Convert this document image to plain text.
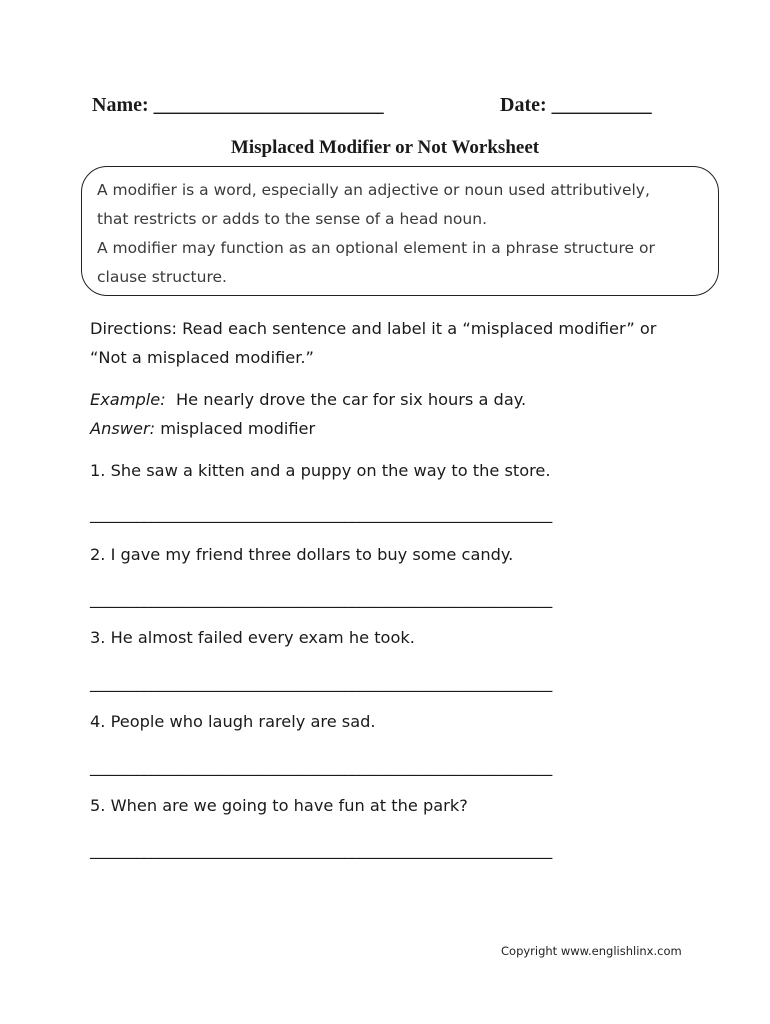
Name: _______________________	Date: __________
Misplaced Modifier or Not Worksheet
A modifier is a word, especially an adjective or noun used attributively,
that restricts or adds to the sense of a head noun.
A modifier may function as an optional element in a phrase structure or
clause structure.
Directions: Read each sentence and label it a “misplaced modifier” or
“Not a misplaced modifier.”
Example: He nearly drove the car for six hours a day.
Answer: misplaced modifier
1. She saw a kitten and a puppy on the way to the store.
____________________________________________________________
2. I gave my friend three dollars to buy some candy.
____________________________________________________________
3. He almost failed every exam he took.
____________________________________________________________
4. People who laugh rarely are sad.
____________________________________________________________
5. When are we going to have fun at the park?
____________________________________________________________
Copyright www.englishlinx.com
